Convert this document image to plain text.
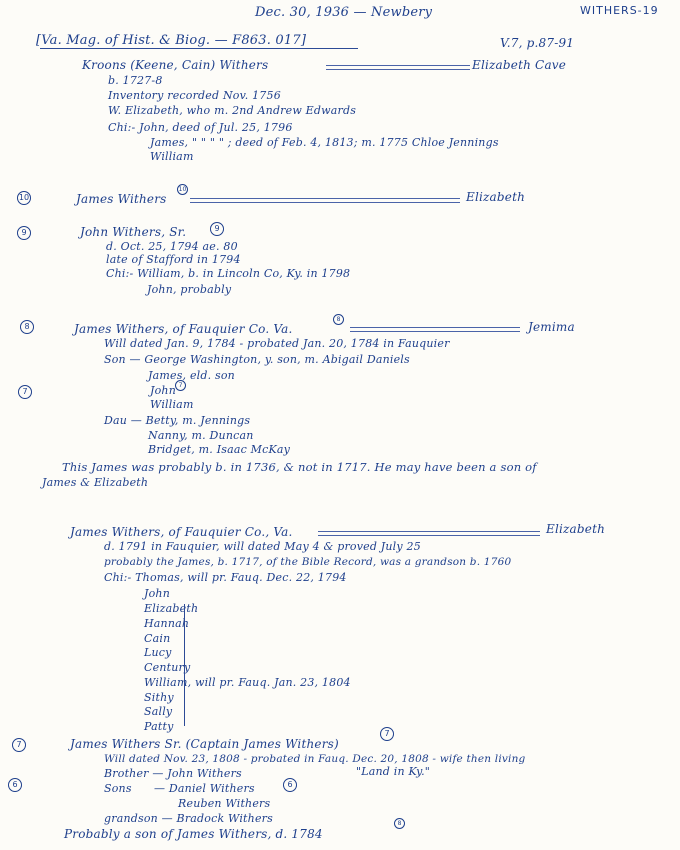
Dec. 30, 1936 — Newbery	WITHERS-19
[Va. Mag. of Hist. & Biog. — F863. 017]	V.7, p.87-91
Kroons (Keene, Cain) Withers	Elizabeth Cave
b. 1727-8
Inventory recorded Nov. 1756
W. Elizabeth, who m. 2nd Andrew Edwards
Chi:- John, deed of Jul. 25, 1796
James, " " " " ; deed of Feb. 4, 1813; m. 1775 Chloe Jennings
William
10	James Withers
10
Elizabeth
9	John Withers, Sr.	9
d. Oct. 25, 1794 ae. 80
late of Stafford in 1794
Chi:- William, b. in Lincoln Co, Ky. in 1798
John, probably
8	James Withers, of Fauquier Co. Va.
8
Jemima
Will dated Jan. 9, 1784 - probated Jan. 20, 1784 in Fauquier
Son — George Washington, y. son, m. Abigail Daniels
James, eld. son
7	John 7
William
Dau — Betty, m. Jennings
Nanny, m. Duncan
Bridget, m. Isaac McKay
This James was probably b. in 1736, & not in 1717. He may have been a son of
James & Elizabeth
James Withers, of Fauquier Co., Va.	Elizabeth
d. 1791 in Fauquier, will dated May 4 & proved July 25
probably the James, b. 1717, of the Bible Record, was a grandson b. 1760
Chi:- Thomas, will pr. Fauq. Dec. 22, 1794
John
Elizabeth
Hannah
Cain
Lucy
Century
William, will pr. Fauq. Jan. 23, 1804
Sithy
Sally
Patty
7	James Withers Sr. (Captain James Withers)
7
Will dated Nov. 23, 1808 - probated in Fauq. Dec. 20, 1808 - wife then living
Brother — John Withers	"Land in Ky."
6	Sons — Daniel Withers	6
Reuben Withers
grandson — Bradock Withers
Probably a son of James Withers, d. 1784
8
